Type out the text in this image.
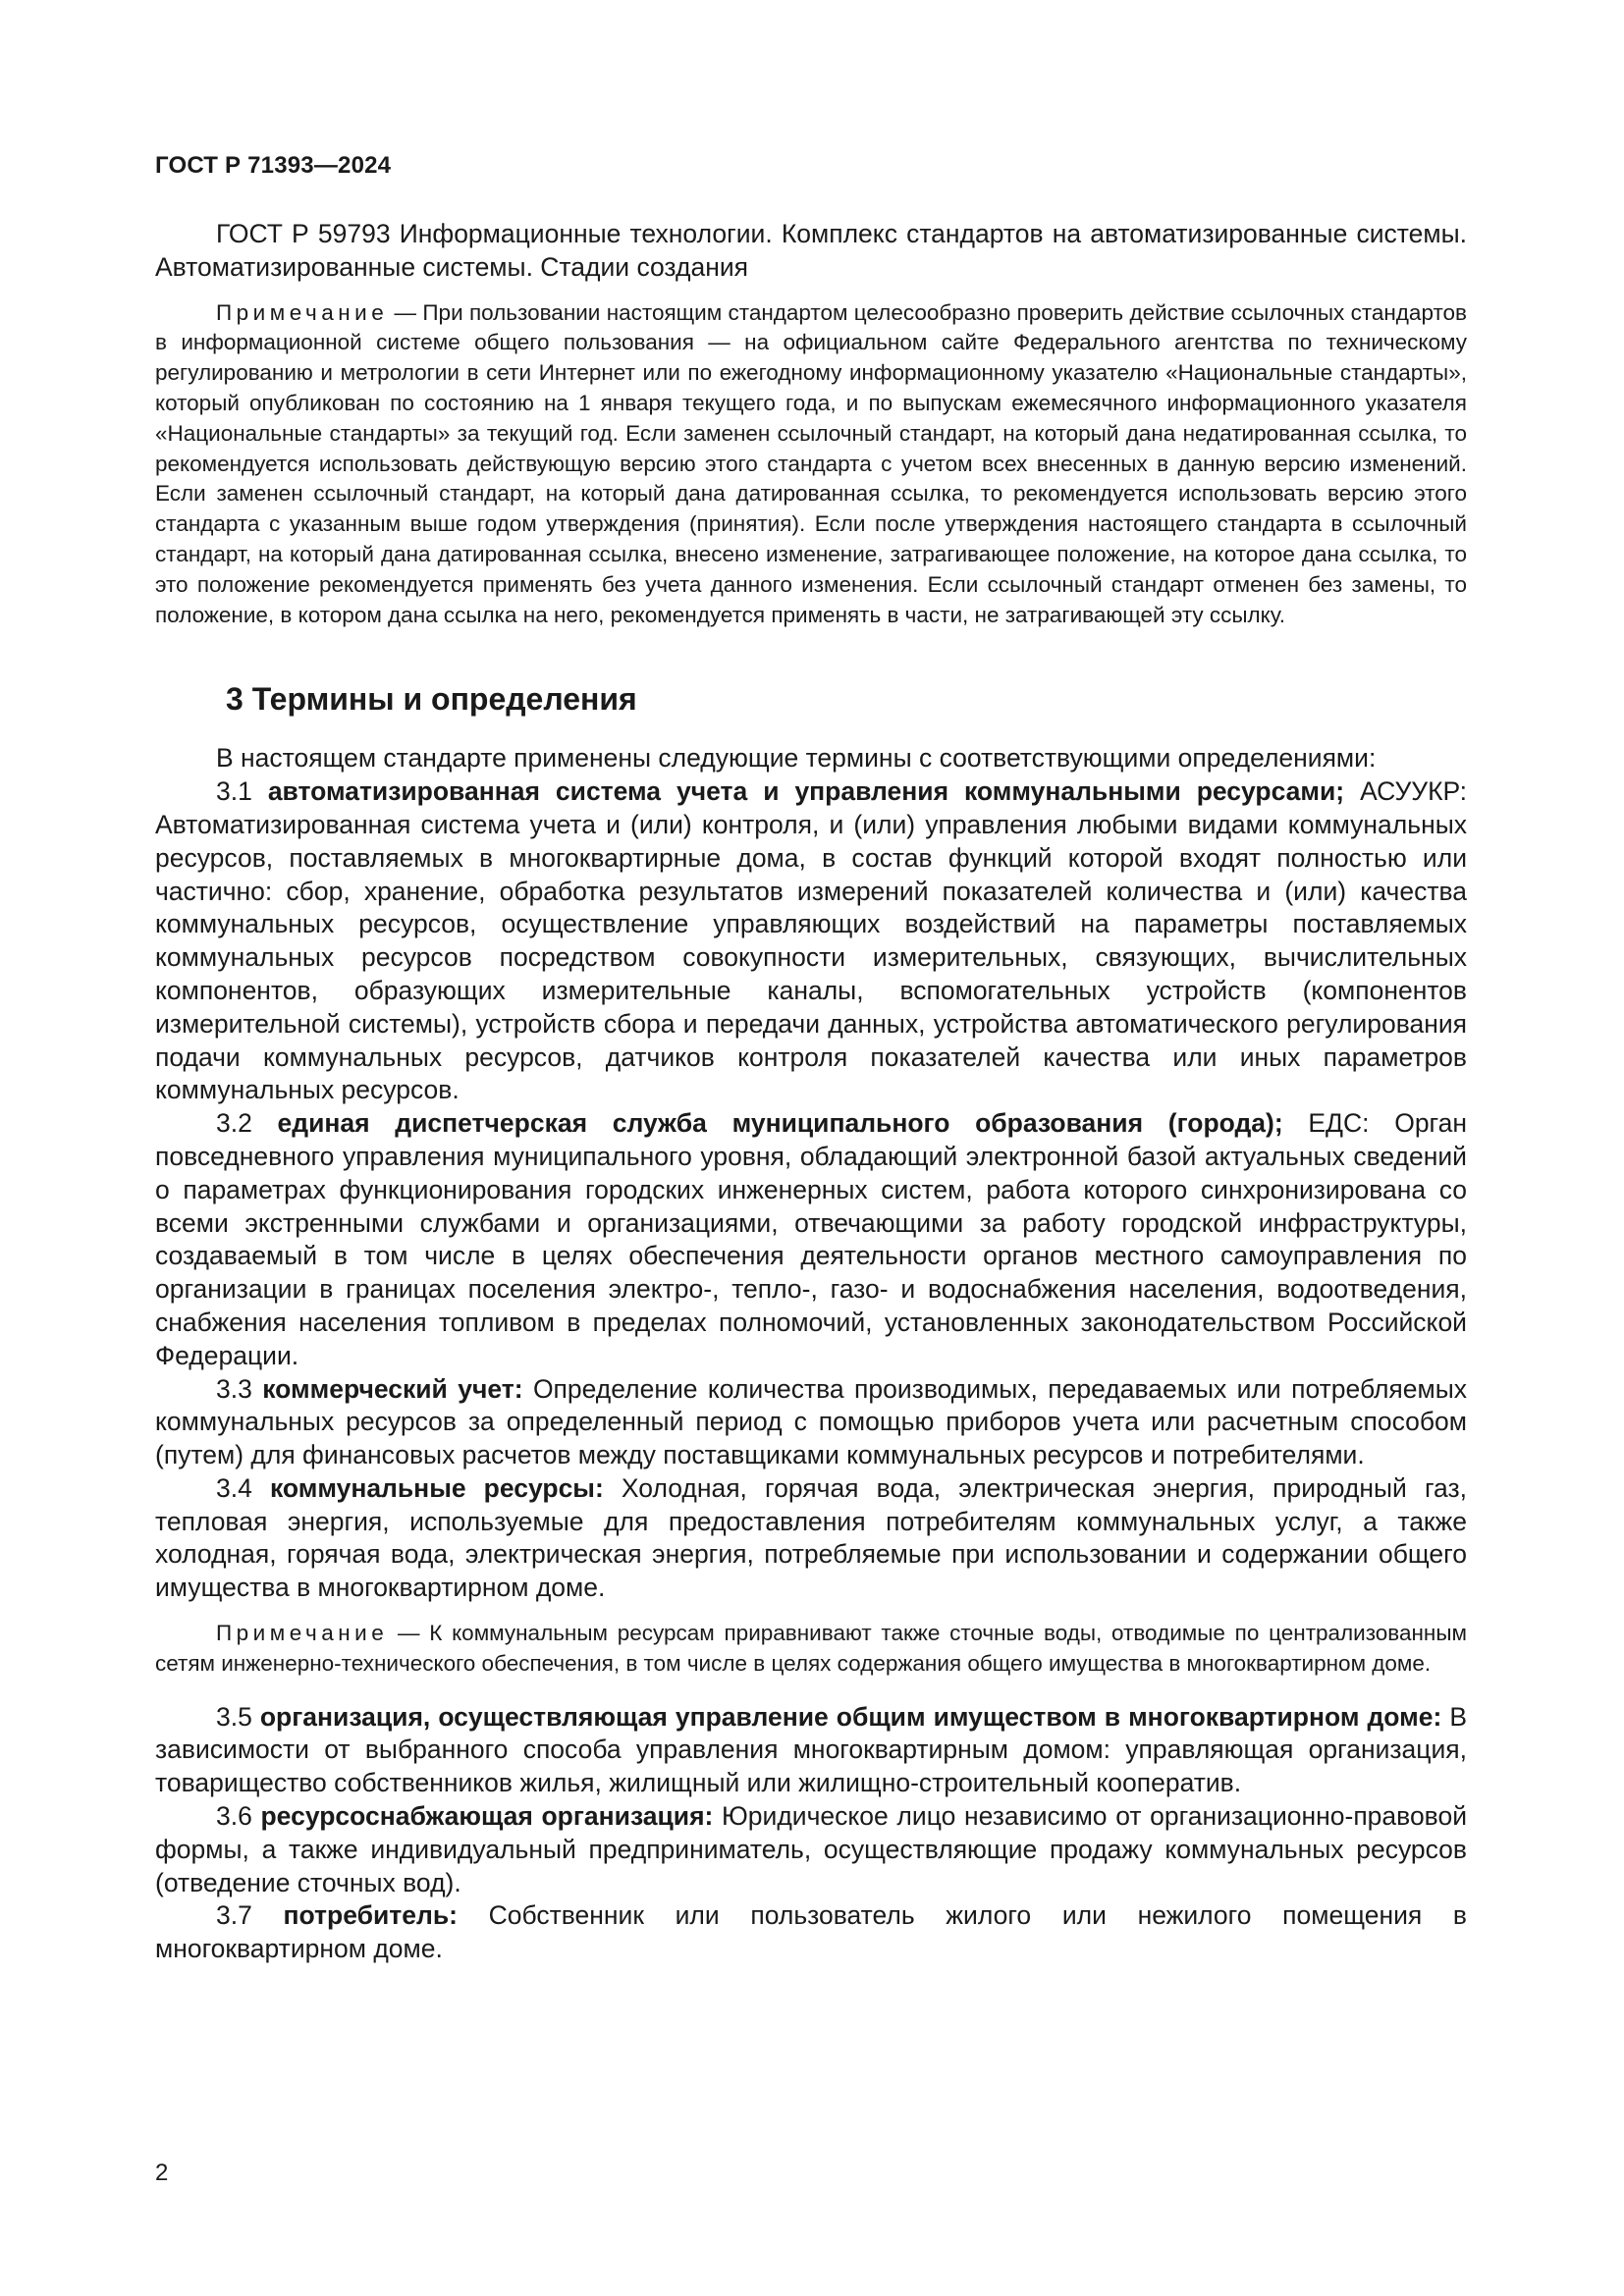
ГОСТ Р 71393—2024

ГОСТ Р 59793 Информационные технологии. Комплекс стандартов на автоматизированные системы. Автоматизированные системы. Стадии создания

Примечание — При пользовании настоящим стандартом целесообразно проверить действие ссылочных стандартов в информационной системе общего пользования — на официальном сайте Федерального агентства по техническому регулированию и метрологии в сети Интернет или по ежегодному информационному указателю «Национальные стандарты», который опубликован по состоянию на 1 января текущего года, и по выпускам ежемесячного информационного указателя «Национальные стандарты» за текущий год. Если заменен ссылочный стандарт, на который дана недатированная ссылка, то рекомендуется использовать действующую версию этого стандарта с учетом всех внесенных в данную версию изменений. Если заменен ссылочный стандарт, на который дана датированная ссылка, то рекомендуется использовать версию этого стандарта с указанным выше годом утверждения (принятия). Если после утверждения настоящего стандарта в ссылочный стандарт, на который дана датированная ссылка, внесено изменение, затрагивающее положение, на которое дана ссылка, то это положение рекомендуется применять без учета данного изменения. Если ссылочный стандарт отменен без замены, то положение, в котором дана ссылка на него, рекомендуется применять в части, не затрагивающей эту ссылку.

3 Термины и определения

В настоящем стандарте применены следующие термины с соответствующими определениями:

3.1 автоматизированная система учета и управления коммунальными ресурсами; АСУУКР: Автоматизированная система учета и (или) контроля, и (или) управления любыми видами коммунальных ресурсов, поставляемых в многоквартирные дома, в состав функций которой входят полностью или частично: сбор, хранение, обработка результатов измерений показателей количества и (или) качества коммунальных ресурсов, осуществление управляющих воздействий на параметры поставляемых коммунальных ресурсов посредством совокупности измерительных, связующих, вычислительных компонентов, образующих измерительные каналы, вспомогательных устройств (компонентов измерительной системы), устройств сбора и передачи данных, устройства автоматического регулирования подачи коммунальных ресурсов, датчиков контроля показателей качества или иных параметров коммунальных ресурсов.

3.2 единая диспетчерская служба муниципального образования (города); ЕДС: Орган повседневного управления муниципального уровня, обладающий электронной базой актуальных сведений о параметрах функционирования городских инженерных систем, работа которого синхронизирована со всеми экстренными службами и организациями, отвечающими за работу городской инфраструктуры, создаваемый в том числе в целях обеспечения деятельности органов местного самоуправления по организации в границах поселения электро-, тепло-, газо- и водоснабжения населения, водоотведения, снабжения населения топливом в пределах полномочий, установленных законодательством Российской Федерации.

3.3 коммерческий учет: Определение количества производимых, передаваемых или потребляемых коммунальных ресурсов за определенный период с помощью приборов учета или расчетным способом (путем) для финансовых расчетов между поставщиками коммунальных ресурсов и потребителями.

3.4 коммунальные ресурсы: Холодная, горячая вода, электрическая энергия, природный газ, тепловая энергия, используемые для предоставления потребителям коммунальных услуг, а также холодная, горячая вода, электрическая энергия, потребляемые при использовании и содержании общего имущества в многоквартирном доме.

Примечание — К коммунальным ресурсам приравнивают также сточные воды, отводимые по централизованным сетям инженерно-технического обеспечения, в том числе в целях содержания общего имущества в многоквартирном доме.

3.5 организация, осуществляющая управление общим имуществом в многоквартирном доме: В зависимости от выбранного способа управления многоквартирным домом: управляющая организация, товарищество собственников жилья, жилищный или жилищно-строительный кооператив.

3.6 ресурсоснабжающая организация: Юридическое лицо независимо от организационно-правовой формы, а также индивидуальный предприниматель, осуществляющие продажу коммунальных ресурсов (отведение сточных вод).

3.7 потребитель: Собственник или пользователь жилого или нежилого помещения в многоквартирном доме.

2
